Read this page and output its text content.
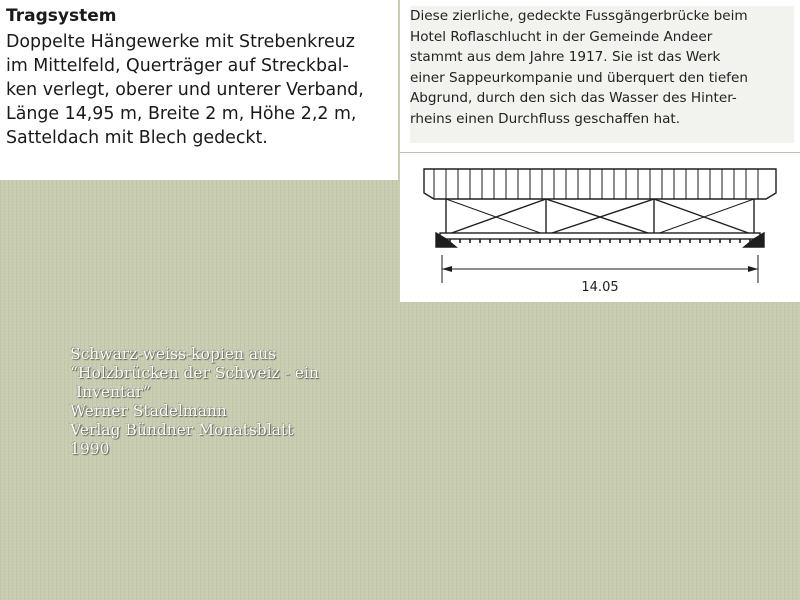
Tragsystem

Doppelte Hängewerke mit Strebenkreuz
im Mittelfeld, Querträger auf Streckbal-
ken verlegt, oberer und unterer Verband,
Länge 14,95 m, Breite 2 m, Höhe 2,2 m,
Satteldach mit Blech gedeckt.

Diese zierliche, gedeckte Fussgängerbrücke beim
Hotel Roflaschlucht in der Gemeinde Andeer
stammt aus dem Jahre 1917. Sie ist das Werk
einer Sappeurkompanie und überquert den tiefen
Abgrund, durch den sich das Wasser des Hinter-
rheins einen Durchfluss geschaffen hat.

14.05
Schwarz-weiss-kopien aus
“Holzbrücken der Schweiz - ein
Inventar”
Werner Stadelmann
Verlag Bündner Monatsblatt
1990
